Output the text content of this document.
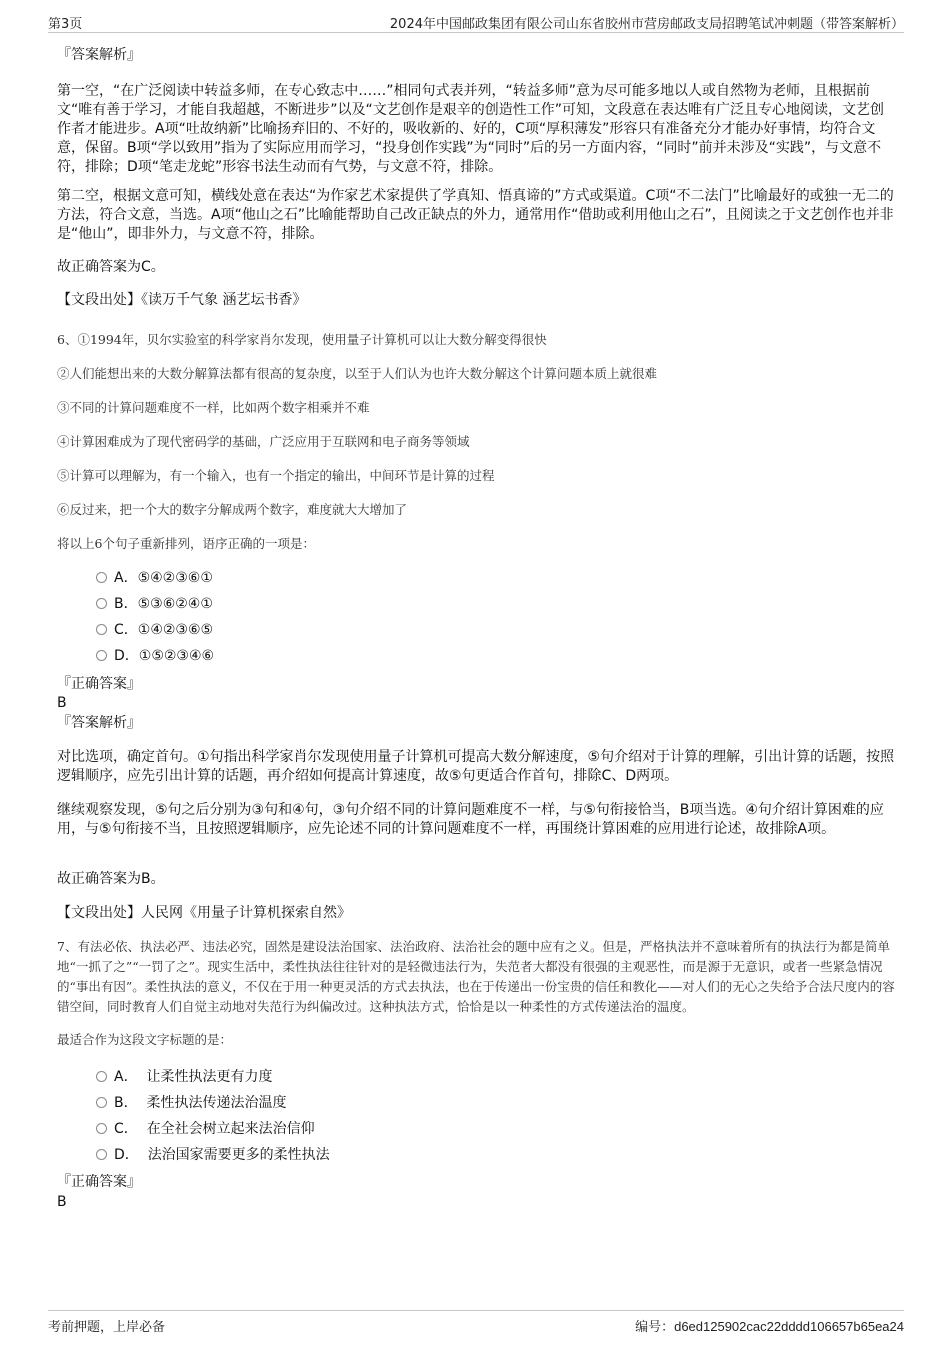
第3页	2024年中国邮政集团有限公司山东省胶州市营房邮政支局招聘笔试冲刺题（带答案解析）
『答案解析』
第一空，“在广泛阅读中转益多师，在专心致志中……”相同句式表并列，“转益多师”意为尽可能多地以人或自然物为老师，且根据前文“唯有善于学习，才能自我超越，不断进步”以及“文艺创作是艰辛的创造性工作”可知，文段意在表达唯有广泛且专心地阅读，文艺创作者才能进步。A项“吐故纳新”比喻扬弃旧的、不好的，吸收新的、好的，C项“厚积薄发”形容只有准备充分才能办好事情，均符合文意，保留。B项“学以致用”指为了实际应用而学习，“投身创作实践”为“同时”后的另一方面内容，“同时”前并未涉及“实践”，与文意不符，排除；D项“笔走龙蛇”形容书法生动而有气势，与文意不符，排除。
第二空，根据文意可知，横线处意在表达“为作家艺术家提供了学真知、悟真谛的”方式或渠道。C项“不二法门”比喻最好的或独一无二的方法，符合文意，当选。A项“他山之石”比喻能帮助自己改正缺点的外力，通常用作“借助或利用他山之石”，且阅读之于文艺创作也并非是“他山”，即非外力，与文意不符，排除。
故正确答案为C。
【文段出处】《读万千气象 涵艺坛书香》
6、①1994年，贝尔实验室的科学家肖尔发现，使用量子计算机可以让大数分解变得很快
②人们能想出来的大数分解算法都有很高的复杂度，以至于人们认为也许大数分解这个计算问题本质上就很难
③不同的计算问题难度不一样，比如两个数字相乘并不难
④计算困难成为了现代密码学的基础，广泛应用于互联网和电子商务等领域
⑤计算可以理解为，有一个输入，也有一个指定的输出，中间环节是计算的过程
⑥反过来，把一个大的数字分解成两个数字，难度就大大增加了
将以上6个句子重新排列，语序正确的一项是：
A．⑤④②③⑥①
B．⑤③⑥②④①
C．①④②③⑥⑤
D．①⑤②③④⑥
『正确答案』
B
『答案解析』
对比选项，确定首句。①句指出科学家肖尔发现使用量子计算机可提高大数分解速度，⑤句介绍对于计算的理解，引出计算的话题，按照逻辑顺序，应先引出计算的话题，再介绍如何提高计算速度，故⑤句更适合作首句，排除C、D两项。
继续观察发现，⑤句之后分别为③句和④句，③句介绍不同的计算问题难度不一样，与⑤句衔接恰当，B项当选。④句介绍计算困难的应用，与⑤句衔接不当，且按照逻辑顺序，应先论述不同的计算问题难度不一样，再围绕计算困难的应用进行论述，故排除A项。
故正确答案为B。
【文段出处】人民网《用量子计算机探索自然》
7、有法必依、执法必严、违法必究，固然是建设法治国家、法治政府、法治社会的题中应有之义。但是，严格执法并不意味着所有的执法行为都是简单地“一抓了之”“一罚了之”。现实生活中，柔性执法往往针对的是轻微违法行为，失范者大都没有很强的主观恶性，而是源于无意识，或者一些紧急情况的“事出有因”。柔性执法的意义，不仅在于用一种更灵活的方式去执法，也在于传递出一份宝贵的信任和教化——对人们的无心之失给予合法尺度内的容错空间，同时教育人们自觉主动地对失范行为纠偏改过。这种执法方式，恰恰是以一种柔性的方式传递法治的温度。
最适合作为这段文字标题的是：
A． 让柔性执法更有力度
B． 柔性执法传递法治温度
C． 在全社会树立起来法治信仰
D． 法治国家需要更多的柔性执法
『正确答案』
B
考前押题，上岸必备	编号：d6ed125902cac22dddd106657b65ea24
